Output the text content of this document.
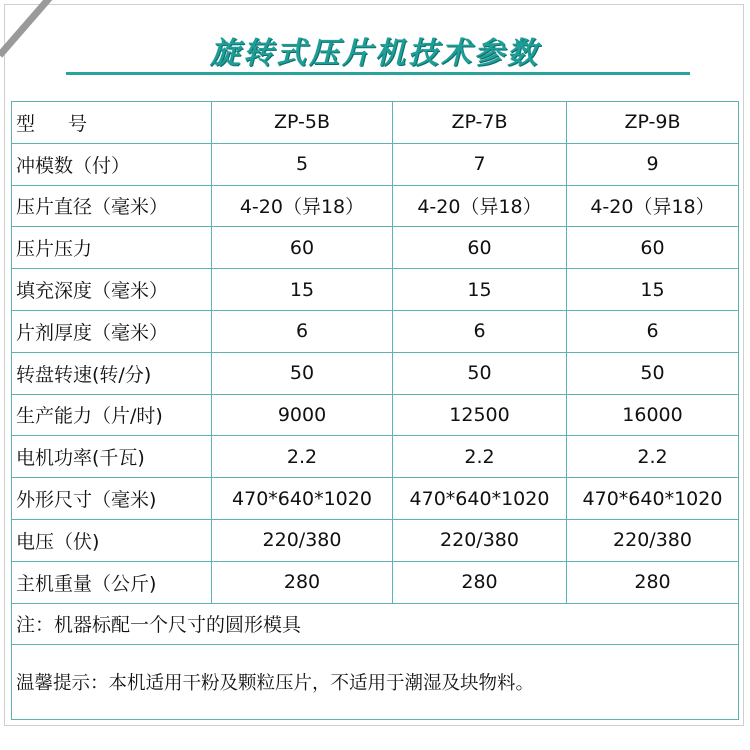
旋转式压片机技术参数
型 号	ZP-5B	ZP-7B	ZP-9B
冲模数（付）	5	7	9
压片直径（毫米）	4-20（异18）	4-20（异18）	4-20（异18）
压片压力	60	60	60
填充深度（毫米）	15	15	15
片剂厚度（毫米）	6	6	6
转盘转速(转/分)	50	50	50
生产能力（片/时)	9000	12500	16000
电机功率(千瓦)	2.2	2.2	2.2
外形尺寸（毫米)	470*640*1020	470*640*1020	470*640*1020
电压（伏)	220/380	220/380	220/380
主机重量（公斤)	280	280	280
注：机器标配一个尺寸的圆形模具			
温馨提示：本机适用干粉及颗粒压片，不适用于潮湿及块物料。			
